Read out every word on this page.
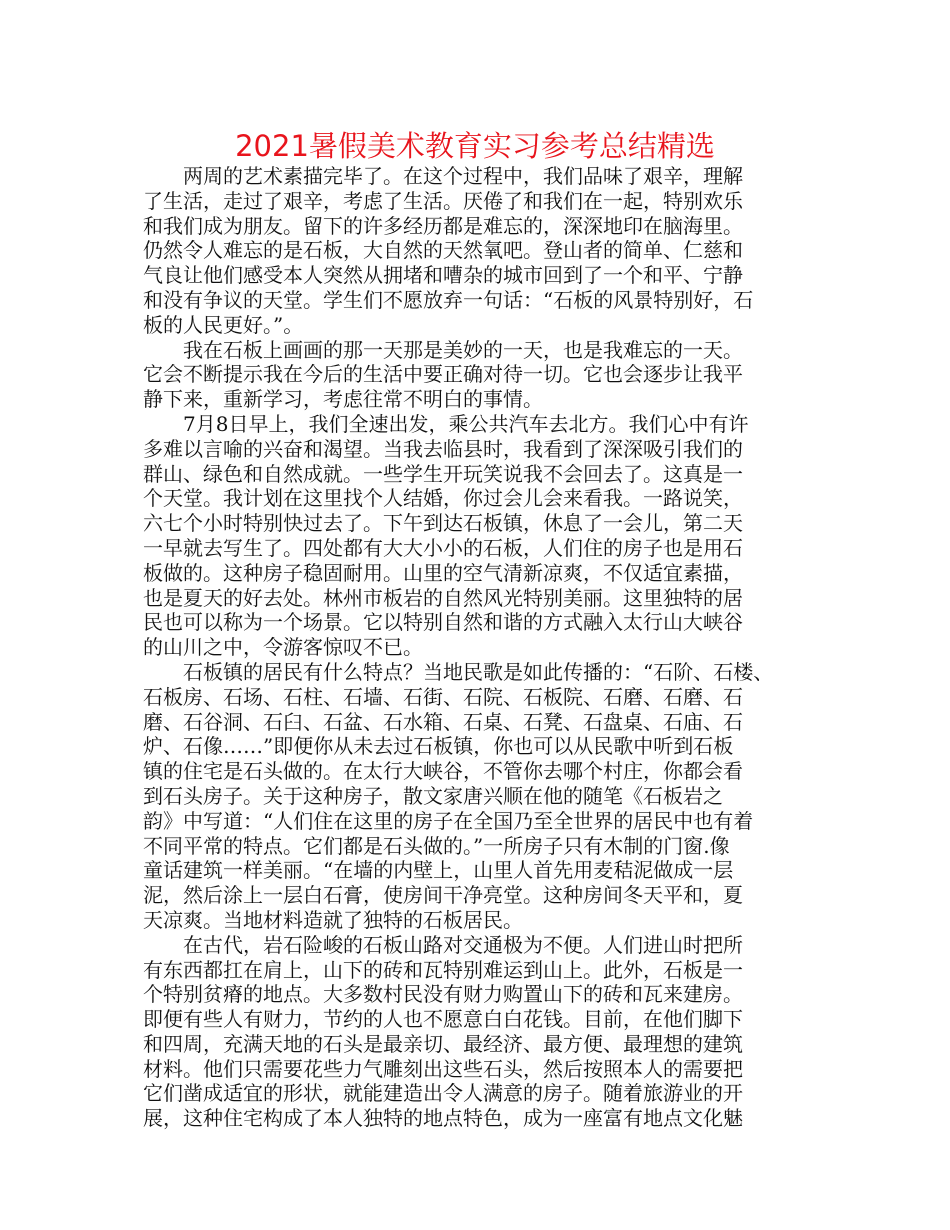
2021暑假美术教育实习参考总结精选
两周的艺术素描完毕了。在这个过程中，我们品味了艰辛，理解
了生活，走过了艰辛，考虑了生活。厌倦了和我们在一起，特别欢乐
和我们成为朋友。留下的许多经历都是难忘的，深深地印在脑海里。
仍然令人难忘的是石板，大自然的天然氧吧。登山者的简单、仁慈和
气良让他们感受本人突然从拥堵和嘈杂的城市回到了一个和平、宁静
和没有争议的天堂。学生们不愿放弃一句话：“石板的风景特别好，石
板的人民更好。”。
我在石板上画画的那一天那是美妙的一天，也是我难忘的一天。
它会不断提示我在今后的生活中要正确对待一切。它也会逐步让我平
静下来，重新学习，考虑往常不明白的事情。
7月8日早上，我们全速出发，乘公共汽车去北方。我们心中有许
多难以言喻的兴奋和渴望。当我去临县时，我看到了深深吸引我们的
群山、绿色和自然成就。一些学生开玩笑说我不会回去了。这真是一
个天堂。我计划在这里找个人结婚，你过会儿会来看我。一路说笑，
六七个小时特别快过去了。下午到达石板镇，休息了一会儿，第二天
一早就去写生了。四处都有大大小小的石板，人们住的房子也是用石
板做的。这种房子稳固耐用。山里的空气清新凉爽，不仅适宜素描，
也是夏天的好去处。林州市板岩的自然风光特别美丽。这里独特的居
民也可以称为一个场景。它以特别自然和谐的方式融入太行山大峡谷
的山川之中，令游客惊叹不已。
石板镇的居民有什么特点？当地民歌是如此传播的：“石阶、石楼、
石板房、石场、石柱、石墙、石街、石院、石板院、石磨、石磨、石
磨、石谷洞、石臼、石盆、石水箱、石桌、石凳、石盘桌、石庙、石
炉、石像……”即便你从未去过石板镇，你也可以从民歌中听到石板
镇的住宅是石头做的。在太行大峡谷，不管你去哪个村庄，你都会看
到石头房子。关于这种房子，散文家唐兴顺在他的随笔《石板岩之
韵》中写道：“人们住在这里的房子在全国乃至全世界的居民中也有着
不同平常的特点。它们都是石头做的。”一所房子只有木制的门窗.像
童话建筑一样美丽。“在墙的内壁上，山里人首先用麦秸泥做成一层
泥，然后涂上一层白石膏，使房间干净亮堂。这种房间冬天平和，夏
天凉爽。当地材料造就了独特的石板居民。
在古代，岩石险峻的石板山路对交通极为不便。人们进山时把所
有东西都扛在肩上，山下的砖和瓦特别难运到山上。此外，石板是一
个特别贫瘠的地点。大多数村民没有财力购置山下的砖和瓦来建房。
即便有些人有财力，节约的人也不愿意白白花钱。目前，在他们脚下
和四周，充满天地的石头是最亲切、最经济、最方便、最理想的建筑
材料。他们只需要花些力气雕刻出这些石头，然后按照本人的需要把
它们凿成适宜的形状，就能建造出令人满意的房子。随着旅游业的开
展，这种住宅构成了本人独特的地点特色，成为一座富有地点文化魅
